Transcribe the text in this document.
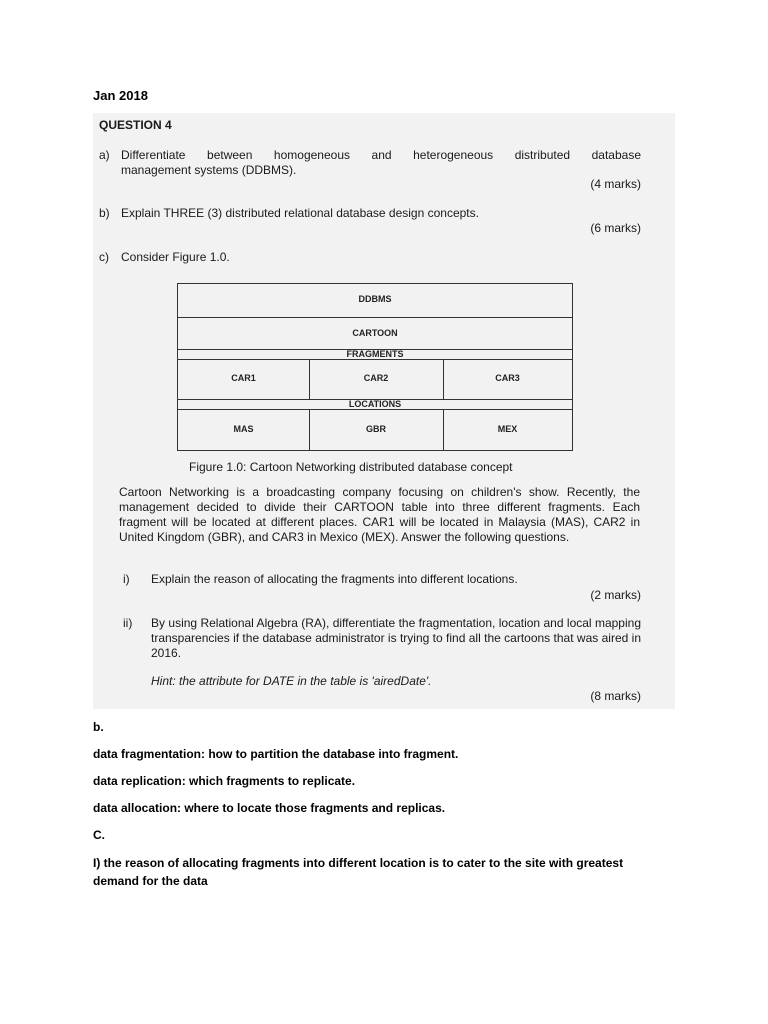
Jan 2018
QUESTION 4
a) Differentiate between homogeneous and heterogeneous distributed database
management systems (DDBMS).
(4 marks)
b) Explain THREE (3) distributed relational database design concepts.
(6 marks)
c) Consider Figure 1.0.
DDBMS
CARTOON
FRAGMENTS
CAR1	CAR2	CAR3
LOCATIONS
MAS	GBR	MEX
Figure 1.0: Cartoon Networking distributed database concept
Cartoon Networking is a broadcasting company focusing on children's show. Recently, the management decided to divide their CARTOON table into three different fragments. Each fragment will be located at different places. CAR1 will be located in Malaysia (MAS), CAR2 in United Kingdom (GBR), and CAR3 in Mexico (MEX). Answer the following questions.
i) Explain the reason of allocating the fragments into different locations.
(2 marks)
ii) By using Relational Algebra (RA), differentiate the fragmentation, location and local mapping transparencies if the database administrator is trying to find all the cartoons that was aired in 2016.
Hint: the attribute for DATE in the table is 'airedDate'.
(8 marks)
b.
data fragmentation: how to partition the database into fragment.
data replication: which fragments to replicate.
data allocation: where to locate those fragments and replicas.
C.
I) the reason of allocating fragments into different location is to cater to the site with greatest
demand for the data
